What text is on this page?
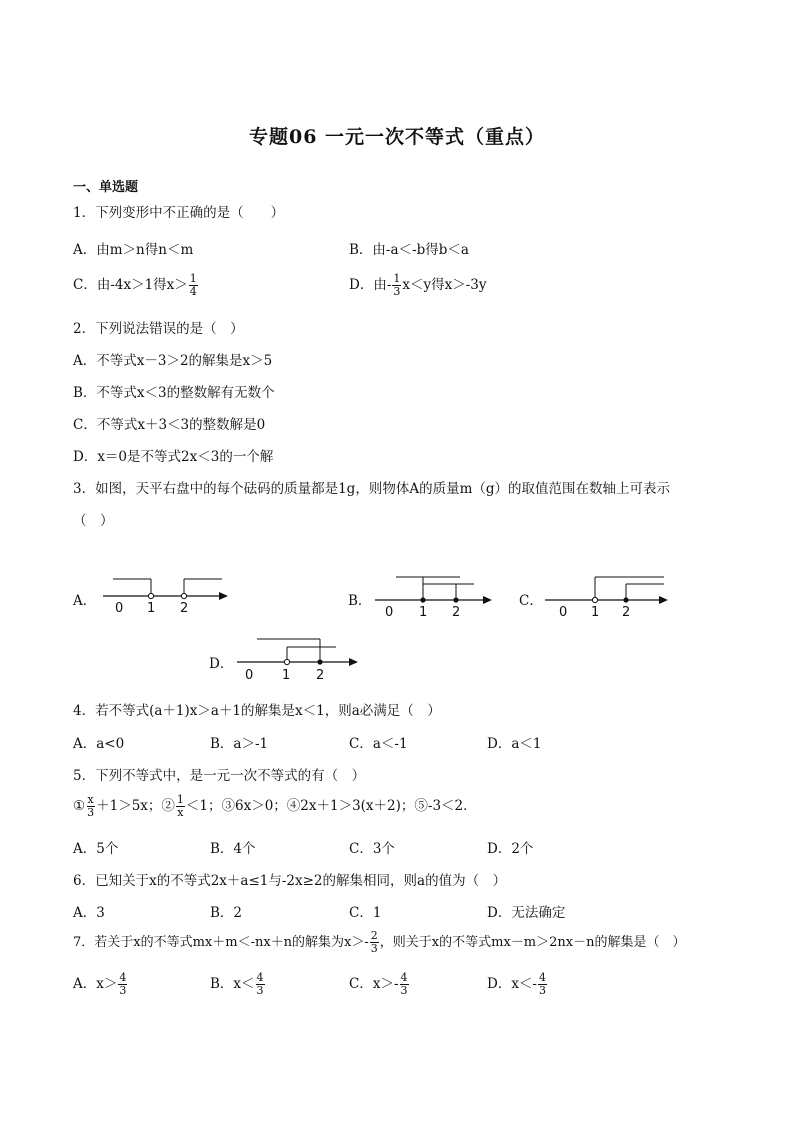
专题06 一元一次不等式（重点）
一、单选题
1．下列变形中不正确的是（　　）
A．由m＞n得n＜m	B．由-a＜-b得b＜a
C．由-4x＞1得$x> \frac{1}{4}$	D．由- $\frac{1}{3} x<y$得x＞-3y
2．下列说法错误的是（　）
A．不等式x－3＞2的解集是x＞5
B．不等式x＜3的整数解有无数个
C．不等式x＋3＜3的整数解是0
D．x＝0是不等式2x＜3的一个解
3．如图，天平右盘中的每个砝码的质量都是1g，则物体A的质量m（g）的取值范围在数轴上可表示
（　）
A． 0 1 2	B．
0 1 2
C．
0 1 2
D．
0 1 2
4．若不等式(a＋1)x＞a＋1的解集是x＜1，则a必满足（　）
A．a<0	B．a＞-1	C．a＜-1	D．a＜1
5．下列不等式中，是一元一次不等式的有（　）
① $\frac{x}{3} +1>5x$；② $\frac{1}{x} <1$；③6x＞0；④2x＋1＞3(x＋2)；⑤-3＜2．
A．5个	B．4个	C．3个	D．2个
6．已知关于x的不等式2x＋a≤1与-2x≥2的解集相同，则a的值为（　）
A．3	B．2	C．1	D．无法确定
7．若关于x的不等式mx＋m＜-nx＋n的解集为$x>- \frac{2}{3}$ ，则关于x的不等式mx－m＞2nx－n的解集是（　）
A．$x> \frac{4}{3}$	B．$x< \frac{4}{3}$	C．$x>- \frac{4}{3}$	D．$x<- \frac{4}{3}$
